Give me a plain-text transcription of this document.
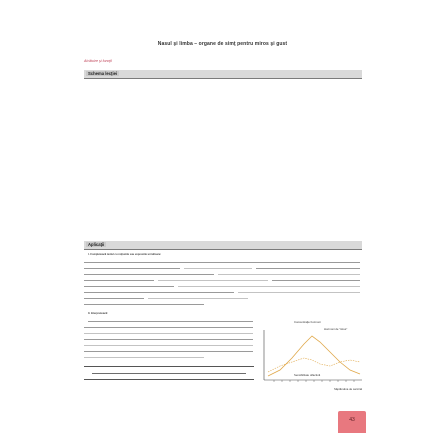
Nasul şi limba – organe de simţ pentru miros şi gust
Alcătuire şi funcţii
Schema lecţiei
Aplicaţii
I. Completează textul cu noţiunile sau expresiile următoare:
II. Interpretează:
Concentraţie hormoni
Hormoni de "stres"
Sensibilitate olfactivă
Săptămâna de sarcină
43
